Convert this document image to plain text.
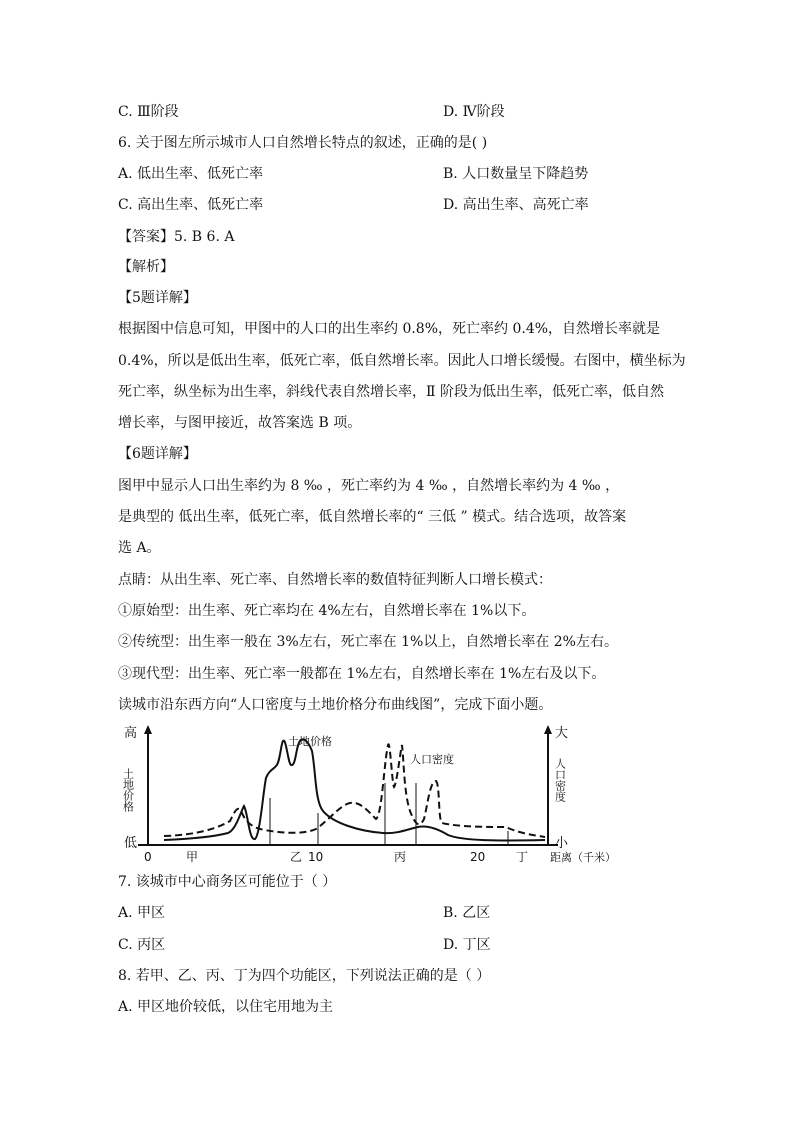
C. Ⅲ阶段	D. Ⅳ阶段
6. 关于图左所示城市人口自然增长特点的叙述，正确的是( )
A. 低出生率、低死亡率	B. 人口数量呈下降趋势
C. 高出生率、低死亡率	D. 高出生率、高死亡率
【答案】5. B 6. A
【解析】
【5题详解】
根据图中信息可知，甲图中的人口的出生率约 0.8%，死亡率约 0.4%，自然增长率就是
0.4%，所以是低出生率，低死亡率，低自然增长率。因此人口增长缓慢。右图中，横坐标为
死亡率，纵坐标为出生率，斜线代表自然增长率，Ⅱ 阶段为低出生率，低死亡率，低自然
增长率，与图甲接近，故答案选 B 项。
【6题详解】
图甲中显示人口出生率约为 8 ‰ ，死亡率约为 4 ‰ ，自然增长率约为 4 ‰ ，
是典型的 低出生率，低死亡率，低自然增长率的“ 三低 ” 模式。结合选项，故答案
选 A。
点睛：从出生率、死亡率、自然增长率的数值特征判断人口增长模式：
①原始型：出生率、死亡率均在 4%左右，自然增长率在 1%以下。
②传统型：出生率一般在 3%左右，死亡率在 1%以上，自然增长率在 2%左右。
③现代型：出生率、死亡率一般都在 1%左右，自然增长率在 1%左右及以下。
读城市沿东西方向“人口密度与土地价格分布曲线图”，完成下面小题。
土地价格
人口密度
高
低
土地价格
大
小
人口密度
0	甲	乙 10	丙	20	丁 距离（千米）
7. 该城市中心商务区可能位于（ ）
A. 甲区	B. 乙区
C. 丙区	D. 丁区
8. 若甲、乙、丙、丁为四个功能区，下列说法正确的是（ ）
A. 甲区地价较低，以住宅用地为主
